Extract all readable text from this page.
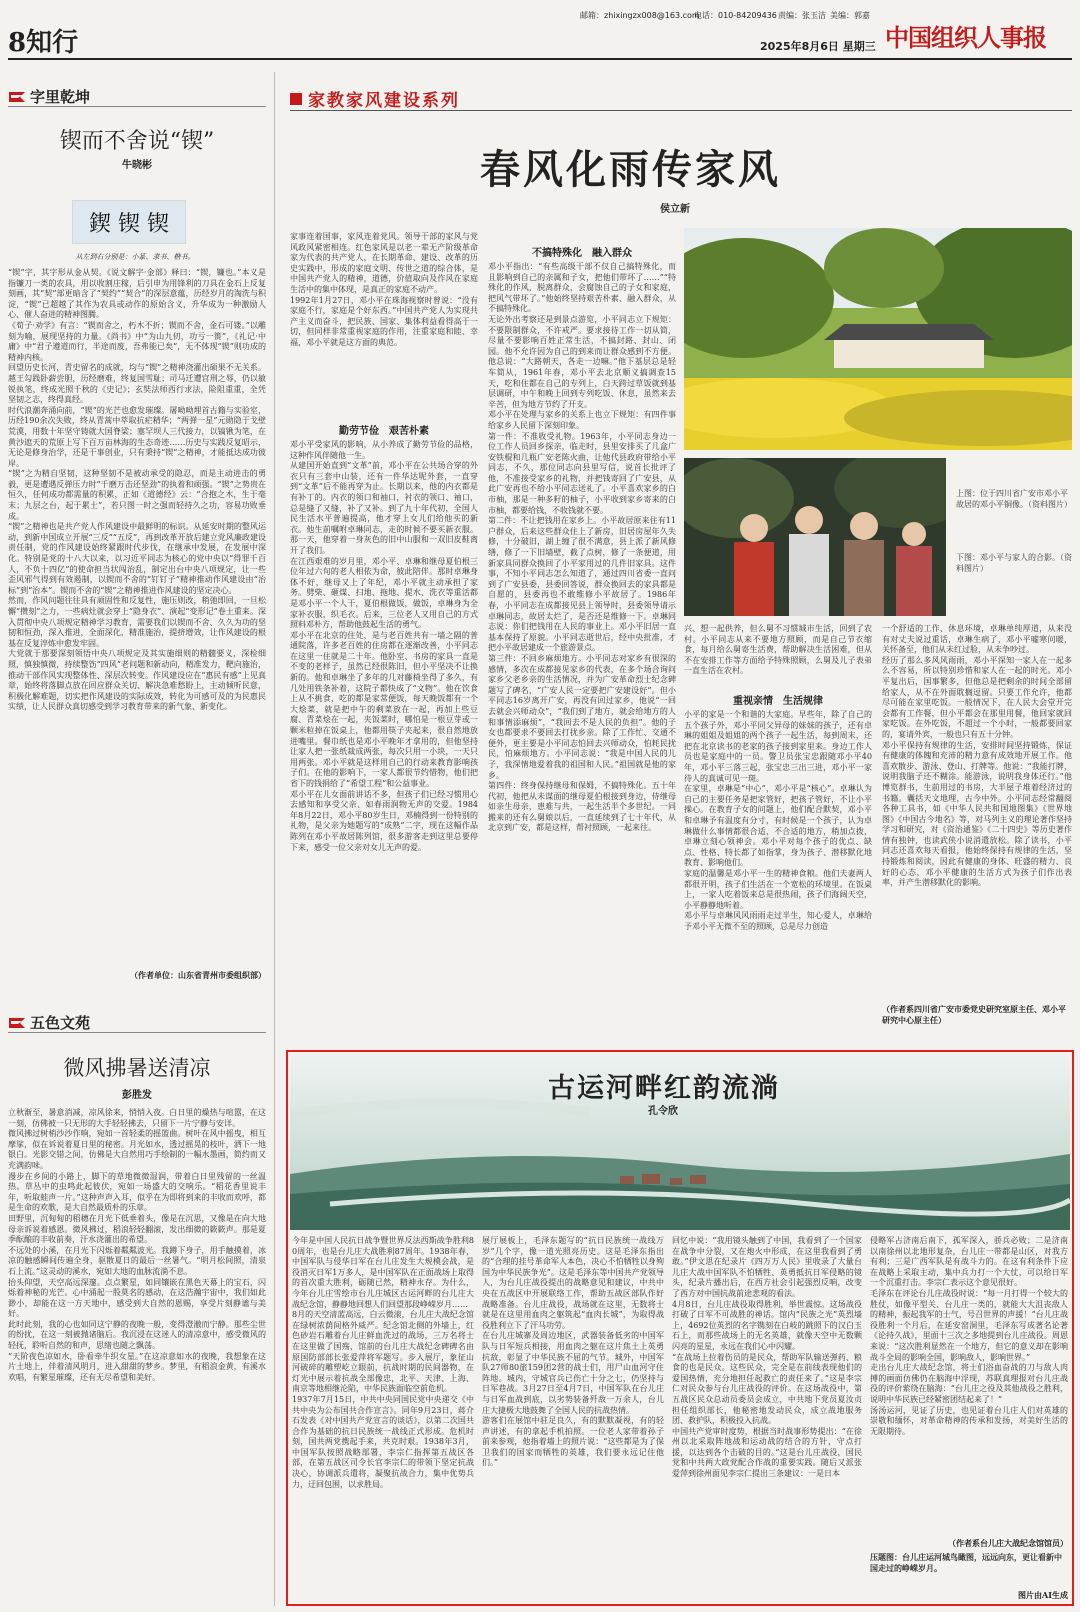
8知行
邮箱：zhixingzx008@163.com
电话：010-84209436 责编：张玉洁 美编：郭嘉
2025年8月6日 星期三 中国组织人事报
字里乾坤
锲而不舍说“锲”
牛晓彬
鍥 锲 锲
从左到右分别是：小篆、隶书、楷书。
“锲”字，其字形从金从契。《说文解字·金部》释曰：“锲，镰也。”本义是指镰刀一类的农具，用以收割庄稼，后引申为用锋利的刀具在金石上反复刻画，其“契”部更暗含了“契约”“契合”的深层意蕴，历经岁月的淘洗与积淀，“锲”已超越了其作为农具或动作的原始含义，升华成为一种激励人心、催人奋进的精神图腾。
《荀子·劝学》有言：“锲而舍之，朽木不折；锲而不舍，金石可镂。”以雕刻为喻，展现坚持的力量。《尚书》中“为山九仞，功亏一篑”，《礼记·中庸》中“君子遵道而行，半途而废，吾弗能已矣”，无不体现“锲”则功成的精神内核。
回望历史长河，青史留名的成就，均与“锲”之精神浇灌出硕果不无关系。越王勾践卧薪尝胆，历经磨难，终复国雪耻；司马迁遭宫刑之辱，仍以敏锐执笔，终成光照千秋的《史记》；玄奘法师西行求法，险阻重重，全凭坚韧之志，终得真经。
时代浪潮奔涌向前，“锲”的光芒也愈发璀璨。屠呦呦埋首古籍与实验室，历经190余次失败，终从青蒿中萃取抗疟精华；“两弹一星”元勋隐于戈壁荒漠，用数十年坚守铸就大国脊梁；塞罕坝人三代接力，以镐锹为笔，在黄沙遮天的荒原上写下百万亩林海的生态奇迹……历史与实践反复昭示，无论是修身治学，还是干事创业，只有秉持“锲”之精神，才能抵达成功彼岸。
“锲”之为精自坚韧，这种坚韧不是被动承受的隐忍，而是主动进击的勇毅，更是遭遇反弹压力时“千磨万击还坚劲”的执着和顽强。“锲”之势贵在恒久，任何成功都需量的积累，正如《道德经》云：“合抱之木，生于毫末；九层之台，起于累土”，若只图一时之强而轻持久之功，容易功败垂成。
“锲”之精神也是共产党人作风建设中最鲜明的标识。从延安时期的整风运动，到新中国成立开展“三反”“五反”，再到改革开放后建立党风廉政建设责任制，党的作风建设始终紧跟时代步伐，在继承中发展，在发展中深化。特别是党的十八大以来，以习近平同志为核心的党中央以“得罪千百人，不负十四亿”的使命担当状闯治乱，制定出台中央八项规定，让一些歪风邪气得到有效遏制，以锲而不舍的“钉钉子”精神推动作风建设由“治标”到“治本”。锲而不舍的“锲”之精神推进作风建设的坚定决心。
然而，作风问题往往具有顽固性和反复性，施压则改，稍弛即回，一旦松懈“攒刻”之力，一些病灶就会穿上“隐身衣”、演起“变形记”卷土重来。深入贯彻中央八项规定精神学习教育，需要我们以锲而不舍、久久为功的坚韧和恒劲，深入推进，全面深化，精准施治，提挤增效，让作风建设的根基在反复淬炼中愈发牢固。
大党就于那要深刻领悟中央八项规定及其实施细则的精髓要义，深检细照，慎独慎微，持续整饬“四风”老问题和新动向，精准发力，靶向施治，推动干部作风实现整体性、深层次转变。作风建设应在“惠民有感”上见真章，始终将落脚点放在回应群众关切、解决急难愁盼上，主动倾听民意，积极化解难题，切实把作风建设的实际成效，转化为可感可及的为民惠民实绩，让人民群众真切感受到学习教育带来的新气象、新变化。
（作者单位：山东省青州市委组织部）
五色文苑
微风拂暑送清凉
彭胜发
立秋渐至，暑意消减，凉风徐来，悄悄入夜。白日里的燥热与喧嚣，在这一刻，仿佛被一只无形的大手轻轻拂去，只留下一片宁静与安详。
微风拂过树梢沙沙作响，宛如一首轻柔的摇篮曲。树叶在风中摇曳，相互摩挲，似在诉说着夏日里的秘密。月光如水，透过摇晃的枝叶，洒下一地银白。光影交错之间，仿佛是大自然用巧手绘制的一幅水墨画，简约而又充满韵味。
漫步在乡间的小路上，脚下的草地微微湿润，带着白日里残留的一丝温热。草丛中的虫鸣此起彼伏，宛如一场盛大的交响乐。“稻花香里说丰年，听取蛙声一片。”这种声声入耳，似乎在为即将到来的丰收而欢呼，都是生命的欢歌，是大自然最质朴的乐章。
田野里，沉甸甸的稻穗在月光下低垂着头，像是在沉思，又像是在向大地母亲诉说着感恩。微风拂过，稻浪轻轻翻滚，发出细微的簌簌声。那是夏季酝酿的丰收前奏，汗水浇灌出的希望。
不远处的小溪，在月光下闪烁着粼粼波光。我蹲下身子，用手触摸着，冰凉的触感瞬间传遍全身，驱散夏日的最后一丝暑气。“明月松间照，清泉石上流。”这灵动的溪水，宛如大地的血脉流淌不息。
抬头仰望，天空高远深邃。点点繁星，如同镶嵌在黑色天幕上的宝石，闪烁着神秘的光芒。心中涌起一股莫名的感动，在这浩瀚宇宙中，我们如此渺小，却能在这一方天地中，感受到大自然的恩赐，享受片刻静谧与美好。
此时此刻，我的心也如同这宁静的夜晚一般，变得澄澈而宁静。那些尘世的纷扰，在这一刻被抛诸脑后。我沉浸在这迷人的清凉意中，感受微风的轻抚，聆听自然的和声，思绪也随之飘荡。
“天阶夜色凉如水，卧看牵牛织女星。”在这凉意如水的夜晚，我想象在这片土地上，伴着清风明月，进入甜甜的梦乡。梦里，有稻浪金黄，有溪水欢唱，有繁星璀璨，还有无尽希望和美好。
家教家风建设系列
春风化雨传家风
侯立新
家事连着国事，家风连着党风。领导干部的家风与党风政风紧密相连。红色家风是以老一辈无产阶级革命家为代表的共产党人，在长期革命、建设、改革的历史实践中，形成的家庭文明、传世之道的综合体，是中国共产党人的精神，道德，价值取向及作风在家庭生活中的集中体现，是真正的家庭不动产。
1992年1月27日，邓小平在珠海视察时曾说：“没有家庭不行，家庭是个好东西。”中国共产党人为实现共产主义而奋斗，把民族、国家、集体利益看得高于一切，但同样非常重视家庭的作用，注重家庭和睦、幸福，邓小平就是这方面的典范。
勤劳节俭　艰苦朴素
邓小平受家风的影响，从小养成了勤劳节俭的品格，这种作风伴随他一生。
从建国开始直到“文革”前，邓小平在公共场合穿的外衣只有三套中山装，还有一件华达呢外套，一直穿到“文革”后不能再穿为止。长期以来，他的内衣都是有补丁的。内衣的领口和袖口，衬衣的领口、袖口，总是缝了又缝，补了又补。到了九十年代初，全国人民生活水平普遍提高，他才穿上女儿们给他买的新衣。他生前嘱咐卓琳同志，走的时候不要买新衣服。那一天，他穿着一身灰色的旧中山服和一双旧皮鞋离开了我们。
在江西艰难的岁月里，邓小平、卓琳和继母夏伯根三位年过六旬的老人相依为命，彼此陪伴。那时卓琳身体不好，继母又上了年纪，邓小平就主动承担了家务。劈柴、砸煤、扫地、拖地、提水、洗衣等重活都是邓小平一个人干，夏伯根做饭，做饭，卓琳身为全家补衣服，织毛衣。后来，三位老人又用自己的方式照料邓朴方，帮助他鼓起生活的勇气。
邓小平在北京的住处，是与老百姓共有一墙之隔的普通院落，许多老百姓的住房都在逐渐改善，小平同志在这里一住就是二十年。他卧室、书房的家具一直是不变的老样子，虽然已经很陈旧，但小平坚决不让换新的。他和卓琳坐了多年的几对藤椅坐得了多久，有几处用铁条补着，这院子都快成了“文物”。他在饮食上从不挑食，吃的都是家常便饭，每天晚饭都有一个大烩菜，就是把中午的剩菜放在一起，再加上些豆腐、青菜烩在一起，夹饭菜时，哪怕是一根豆芽或一颗米粒掉在饭桌上，他都用筷子夹起来，很自然地放进嘴里。餐巾纸也是邓小平晚年才拿用的，但他坚持让家人把一张纸裁成两张，每次只用一小块，一天只用两张。邓小平就是这样用自己的行动来教育影响孩子们。在他的影响下，一家人都很节约惜物，他们把省下的钱捐给了“希望工程”和公益事业。
邓小平在儿女面前讲话不多，但孩子们已经习惯用心去感知和享受父亲、如春雨润物无声的交爱。1984年8月22日，邓小平80岁生日，邓楠得到一份特别的礼物，是父亲为她题写的“成熟”二字，现在这幅作品陈列在邓小平故居陈列馆，很多游客走到这里总要停下来，感受一位父亲对女儿无声的爱。
不搞特殊化　融入群众
邓小平指出：“有些高级干部不仅自己搞特殊化，而且影响到自己的亲属和子女，把他们带坏了……”“特殊化的作风，脱离群众，会腐蚀自己的子女和家庭，把风气带坏了。”他始终坚持艰苦朴素、融入群众，从不搞特殊化。
无论外出考察还是到景点游览，小平同志立下规矩：不要限制群众，不许戒严。要求接待工作一切从简，尽量不要影响百姓正常生活，不搞封路、封山、闭园。他不允许因为自己的到来而让群众感到不方便。他总说：“大路朝天，各走一边嘛。”他下基层总是轻车简从，1961年春，邓小平去北京顺义搞调查15天，吃和住都在自己的专列上，白天跨过草饭就到基层调研，中午和晚上回到专列吃饭、休息，虽然来去辛苦，但为地方节约了开支。
邓小平在处理与家乡的关系上也立下规矩：有四件事给家乡人民留下深刻印象。
第一件：不准收受礼物。1963年，小平同志身边一位工作人员回乡探亲，临走时，县里安排买了几盒广安铁棍和几瓶广安老陈火曲，让他代县政府带给小平同志，不久，那位同志向县里写信，说首长批评了他，不准接受家乡的礼物，并把钱寄回了广安县，从此广安再也不给小平同志送礼了。小平喜欢家乡的白市柚，那是一种多籽的柚子，小平收到家乡寄来的白市柚，都要给钱，不收钱就不要。
第二件：不让把钱用在家乡上。小平故居原来住有11户群众，后来这些群众住上了新房，旧居房屋年久失修，十分破旧，湖上缠了很不满意，县上派了新风修缮，修了一下旧墙壁，截了点树，修了一条便道，用新家具同群众换回了小平家用过的几件旧家具。这件事，不知小平同志怎么知道了，通过四川省委一直问到了广安县委，县委回答说，群众换回去的家具都是自愿的，县委再也不敢维修小平故居了。1986年春，小平同志在成都接见县上领导时，县委领导请示卓琳同志，故居太烂了，是否还是维修一下。卓琳同志说：你们把钱用在人民的事业上。邓小平旧居一直基本保持了原貌。小平同志逝世后，经中央批准，才把小平故居建成一个旅游景点。
第三件：不回乡麻烦地方。小平同志对家乡有很深的感情，多次在成都接见家乡的代表，在多个场合询问家乡父老乡亲的生活情况，并为广安革命烈士纪念碑题写了碑名，“广安人民一定要把广安建设好”。但小平同志16岁离开广安，再没有回过家乡，他说“一回去就会兴师动众”，“我们到了地方，就会给地方的人和事情添麻烦”，“我回去不是人民的负担”。他的子女也都要求不要回去打扰乡亲。除了工作忙、交通不便外，更主要是小平同志怕回去兴师动众，怕耗民扰民，怕麻烦地方。小平同志说：“我是中国人民的儿子，我深情地爱着我的祖国和人民。”祖国就是他的家乡。
第四件：终身保持继母和保姆，不搞特殊化。五十年代初，他把从未谋面的继母夏伯根接到身边，侍继母如亲生母亲，患难与共，一起生活半个多世纪。一同搬来的还有么舅娘以后，一直延续到了七十年代，从北京到广安，都是这样，帮衬照顾，一起来往。
上图：位于四川省广安市邓小平故居的邓小平铜像。（资料图片）
下图：邓小平与家人的合影。（资料图片）
兴、想一起供养，但么舅不习惯城市生活，回到了农村。小平同志从来不要地方照顾，而是自己节衣缩食，每月给么舅寄生活费，帮助解决生活困难，但从不在安排工作等方面给予特殊照顾，么舅及儿子表弟一直生活在农村。
重视亲情　生活规律
小平的家是一个和谐的大家庭。早些年，除了自己的五个孩子外，邓小平同父异母的妹妹的孩子，还有卓琳的姐姐及姐姐的两个孩子一起生活，每到周末，还把在北京读书的老家的孩子接到家里来。身边工作人员也是家庭中的一员。警卫员张宝忠跟随邓小平40年，邓小平三落三起，张宝忠三出三进，邓小平一家待人的真诚可见一斑。
在家里，卓琳是“中心”，邓小平是“核心”。卓琳认为自己的主要任务是把家管好，把孩子管好，不让小平操心。在教育子女的问题上，他们配合默契，邓小平和卓琳予有温度有分寸，有时候是一个孩子，认为卓琳做什么事情都很合适，不合适的地方，稍加点拨，卓琳立刻心领神会。邓小平对每个孩子的优点、缺点、性格、特长都了如指掌，身为孩子、潜移默化地教育、影响他们。
家庭的温馨是邓小平一生的精神食粮。他们夫妻两人都很开明，孩子们生活在一个宽松的环境里。在饭桌上，一家人吃着饭来总是很热闹，孩子们海阔天空，小平静静地听着。
邓小平与卓琳风风雨雨走过半生，知心爱人，卓琳给予邓小平无微不至的照顾，总是尽力创造
一个舒适的工作、休息环境，卓琳单纯厚道，从来没有对丈夫说过重话，卓琳生病了，邓小平嘘寒问暖，关怀备至，他们从未红过脸，从未争吵过。
经历了那么多风风雨雨，邓小平深知一家人在一起多么不容易，所以特别珍惜和家人在一起的时光。邓小平复出后，国事繁多，但他总是把剩余的时间全部留给家人，从不在外面耽搁逗留。只要工作允许，他都尽可能在家里吃饭。一般情况下，在人民大会堂开完会都有工作餐，但小平都会在那里用餐，他回家就回家吃饭。在外吃饭，不超过一个小时，一般都要回家的，宴请外宾，一般也只有五十分钟。
邓小平保持有规律的生活，安排时间坚持锻炼，保证有健康的体魄和充沛的精力意有成效地开展工作。他喜欢散步、游泳、登山、打牌等。他说：“我能打牌，说明我脑子还不糊涂。能游泳，说明我身体还行。”他博览群书，生前用过的书房，大半屋子堆着经济过的书籍。囊括天文地理，古今中外。小平同志经常翻阅各种工具书，如《中华人民共和国地图集》《世界地图》《中国古今地名》等，对马列主义的理论著作坚持学习和研究，对《资治通鉴》《二十四史》等历史著作情有独钟，也读武侠小说消遣放松。除了读书，小平同志还喜欢每天看报，他始终保持有规律的生活，坚持锻炼和阅读，因此有健康的身体、旺盛的精力、良好的心态，邓小平健康的生活方式为孩子们作出表率，并产生潜移默化的影响。
（作者系四川省广安市委党史研究室原主任、邓小平研究中心原主任）
古运河畔红韵流淌
孔令欣
今年是中国人民抗日战争暨世界反法西斯战争胜利80周年，也是台儿庄大战胜利87周年。1938年春，中国军队与侵华日军在台儿庄发生大规模会战，是役消灭日军1万多人，是中国军队在正面战场上取得的首次重大胜利，砺随已然，精神永存。为什么，今年台儿庄雪绘市台儿庄城区古运河畔的台儿庄大战纪念馆，静静地回想人们回望那段峥嵘岁月……
8月的天空清蓝高远，白云微滚，台儿庄大战纪念馆在绿树浓荫间格外威严。纪念馆北侧的外墙上，红色砂岩石雕着台儿庄鲜血洗过的战场，三万名将士在这里做了国殇，馆前的台儿庄大战纪念碑碑名由原国防部部长张爱萍将军题写。步入展厅，象征山河破碎的雕塑屹立眼前，抗战时期的民间器物，在灯光中展示着抗战全部像忠，北平、天津、上海、南京等地相继沦陷，中华民族面临空前危机。
1937年7月15日，中共中央同国民党中央递交《中共中央为公布国共合作宣言》。同年9月23日，蒋介石发表《对中国共产党宣言的谈话》，以第二次国共合作为基础的抗日民族统一战线正式形成。危机时刻，国共两党携起手来，共克时艰。1938年3月，中国军队按照战略部署，李宗仁指挥第五战区各部，在第五战区司令长官李宗仁的带领下坚定抗战决心，协调派兵遣将，凝聚抗战合力，集中优势兵力，迂回包围，以求胜局。
展厅展板上，毛泽东题写的“抗日民族统一战线万岁”几个字，像一道光照亮历史。这是毛泽东指出的“合理的挂号革命军人本色，决心不怕牺牲以身殉国为中华民族争光”。这是毛泽东等中国共产党领导人，为台儿庄战役提出的战略意见和建议，中共中央在五战区中开展联络工作，帮助五战区部队作好战略准备。台儿庄战役，战场就在这里，无数将士就是在这里用血肉之躯筑起“血肉长城”，为取得战役胜利立下了汗马功劳。
在台儿庄城寨及周边地区，武器装备低劣的中国军队与日军短兵相接，用血肉之躯在这片焦土上英勇抗敌，彰显了中华民族不屈的气节。城外，中国军队27师80旅159团2营的战士们，用尸山血河守住阵地。城内，守城官兵已伤亡十分之七，仍坚持与日军巷战。3月27日至4月7日，中国军队在台儿庄与日军血战到底，以劣势装备歼敌一万余人，台儿庄大捷极大地鼓舞了全国人民的抗战热情。
游客们在展馆中驻足良久，有的默默凝视，有的轻声讲述，有的拿起手机拍照。一位老人家带着孙子前来参观，他指着墙上的照片说：“这些都是为了保卫我们的国家而牺牲的英雄，我们要永远记住他们。”
回忆中说：“我用镜头触到了中国，我看到了一个国家在战争中分裂，又在炮火中形成，在这里我看到了勇敢。”伊文思在纪录片《四万万人民》里收录了大量台儿庄大战中国军队不怕牺牲、英勇抵抗日军侵略的镜头，纪录片播出后，在西方社会引起强烈反响，改变了西方对中国抗战前途悲观的看法。
4月8日，台儿庄战役取得胜利，举世震惊。这场战役打破了日军不可战胜的神话。馆内“民族之光”英烈墙上，4692位英烈的名字镌刻在白岐的跳照下的汉白玉石上，而那些战场上的无名英雄，就像天空中无数颗闪亮的星星，永远在我们心中闪耀。
“在战场上拉着伤员的是民众，帮助军队输送弹药、粮食的也是民众。这些民众，完全是在前线表现他们的爱国热情，充分地担任起救亡的责任来了。”这是李宗仁对民众参与台儿庄战役的评价。在这场战役中，第五战区民众总动员委员会成立，中共地下党员夏汝贞担任组织部长，他秘密地发动民众，成立战地服务团、救护队，积极投入抗战。
中国共产党审时度势，根据当时战事形势提出：“在徐州以北采取阵地战和运动战的结合的方针，守点打援，以达到各个击破的目的。”这是台儿庄战役，国民党和中共两大政党配合作战的重要实践。随后又派张爱萍到徐州面见李宗仁提出三条建议：一是日本
侵略军占济南后南下，孤军深入，骄兵必败；二是济南以南徐州以北地形复杂，台儿庄一带都是山区，对我方有利；三是广西军队是有战斗力的。在这有利条件下应在战略上采取主动，集中兵力打一个大仗，可以给日军一个沉重打击。李宗仁表示这个意见很好。
毛泽东在评论台儿庄战役时说：“每一月打得一个较大的胜仗，如像平型关、台儿庄一类的，就能大大沮丧敌人的精神，振起我军的士气，号召世界的声援！”台儿庄战役胜利一个月后，在延安窑洞里，毛泽东写成著名论著《论持久战》，里面十三次之多地提到台儿庄战役。周恩来说：“这次胜利显然在一个地方，但它的意义却在影响战斗全局的影响全国，影响敌人，影响世界。”
走出台儿庄大战纪念馆，将士们浴血奋战的刀与敌人肉搏的画面仿佛仍在脑海中浮现，苏联真理报对台儿庄战役的评价萦绕在脑海：“台儿庄之役及其他战役之胜利，说明中华民族已经紧密团结起来了！”
汤汤运河，见证了历史，也见证着台儿庄人们对英雄的崇敬和缅怀，对革命精神的传承和发扬，对美好生活的无限期待。
（作者系台儿庄大战纪念馆馆员）
压题图：台儿庄运河城鸟瞰图，远远向东，更让看新中国走过的峥嵘岁月。
图片由AI生成
